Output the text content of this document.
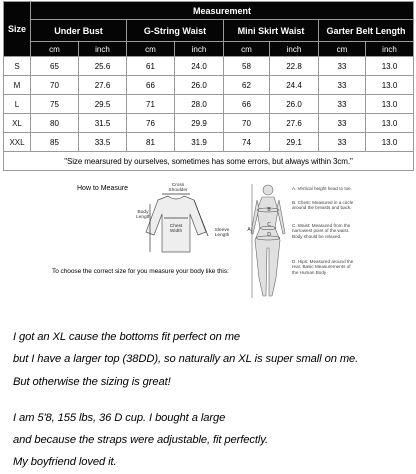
Size	Measurement							
	Under Bust		G-String Waist		Mini Skirt Waist		Garter Belt Length	
	cm	inch	cm	inch	cm	inch	cm	inch
S	65	25.6	61	24.0	58	22.8	33	13.0
M	70	27.6	66	26.0	62	24.4	33	13.0
L	75	29.5	71	28.0	66	26.0	33	13.0
XL	80	31.5	76	29.9	70	27.6	33	13.0
XXL	85	33.5	81	31.9	74	29.1	33	13.0
"Size mearsured by ourselves, sometimes has some errors, but always within 3cm."								
How to Measure	Cross
Shoulder
Body
Length
Chest
Width	Sleeve
Length
A
B
C
D
A. Vertical height head to toe.
B. Chest: Measured in a circle around the breasts and back.
C. Waist: Measured from the narrowest point of the waist. Body should be relaxed.
D. Hips: Measured around the rear. Basic Measurements of the Human Body
To choose the correct size for you measure your body like this:

I got an XL cause the bottoms fit perfect on me

but I have a larger top (38DD), so naturally an XL is super small on me.

But otherwise the sizing is great!

I am 5'8, 155 lbs, 36 D cup. I bought a large

and because the straps were adjustable, fit perfectly.

My boyfriend loved it.
